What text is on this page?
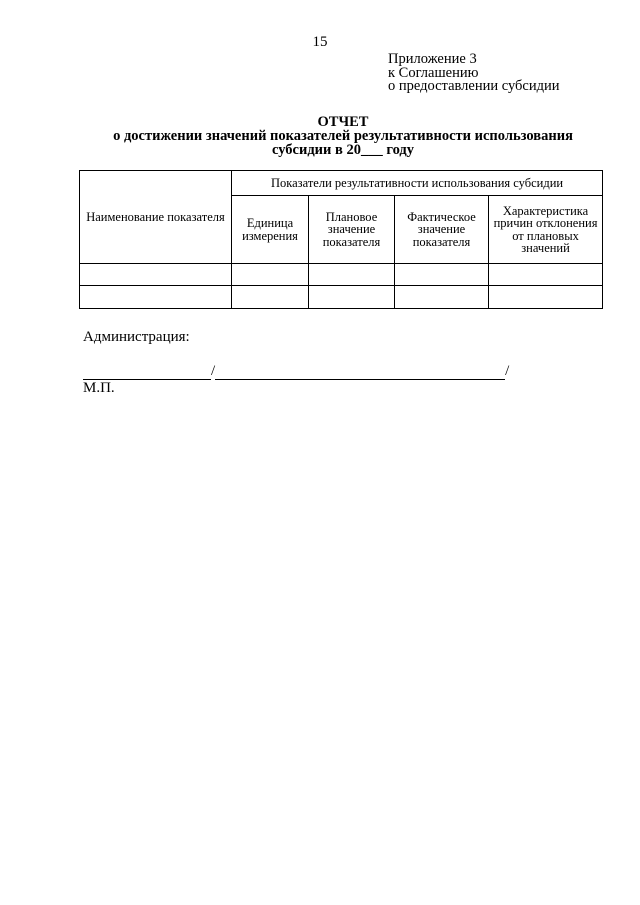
15
Приложение 3
к Соглашению
о предоставлении субсидии
ОТЧЕТ
о достижении значений показателей результативности использования
субсидии в 20___ году
Наименование показателя	Показатели результативности использования субсидии			
	Единица измерения	Плановое значение показателя	Фактическое значение показателя	Характеристика причин отклонения от плановых значений

Администрация:
/	/
М.П.
